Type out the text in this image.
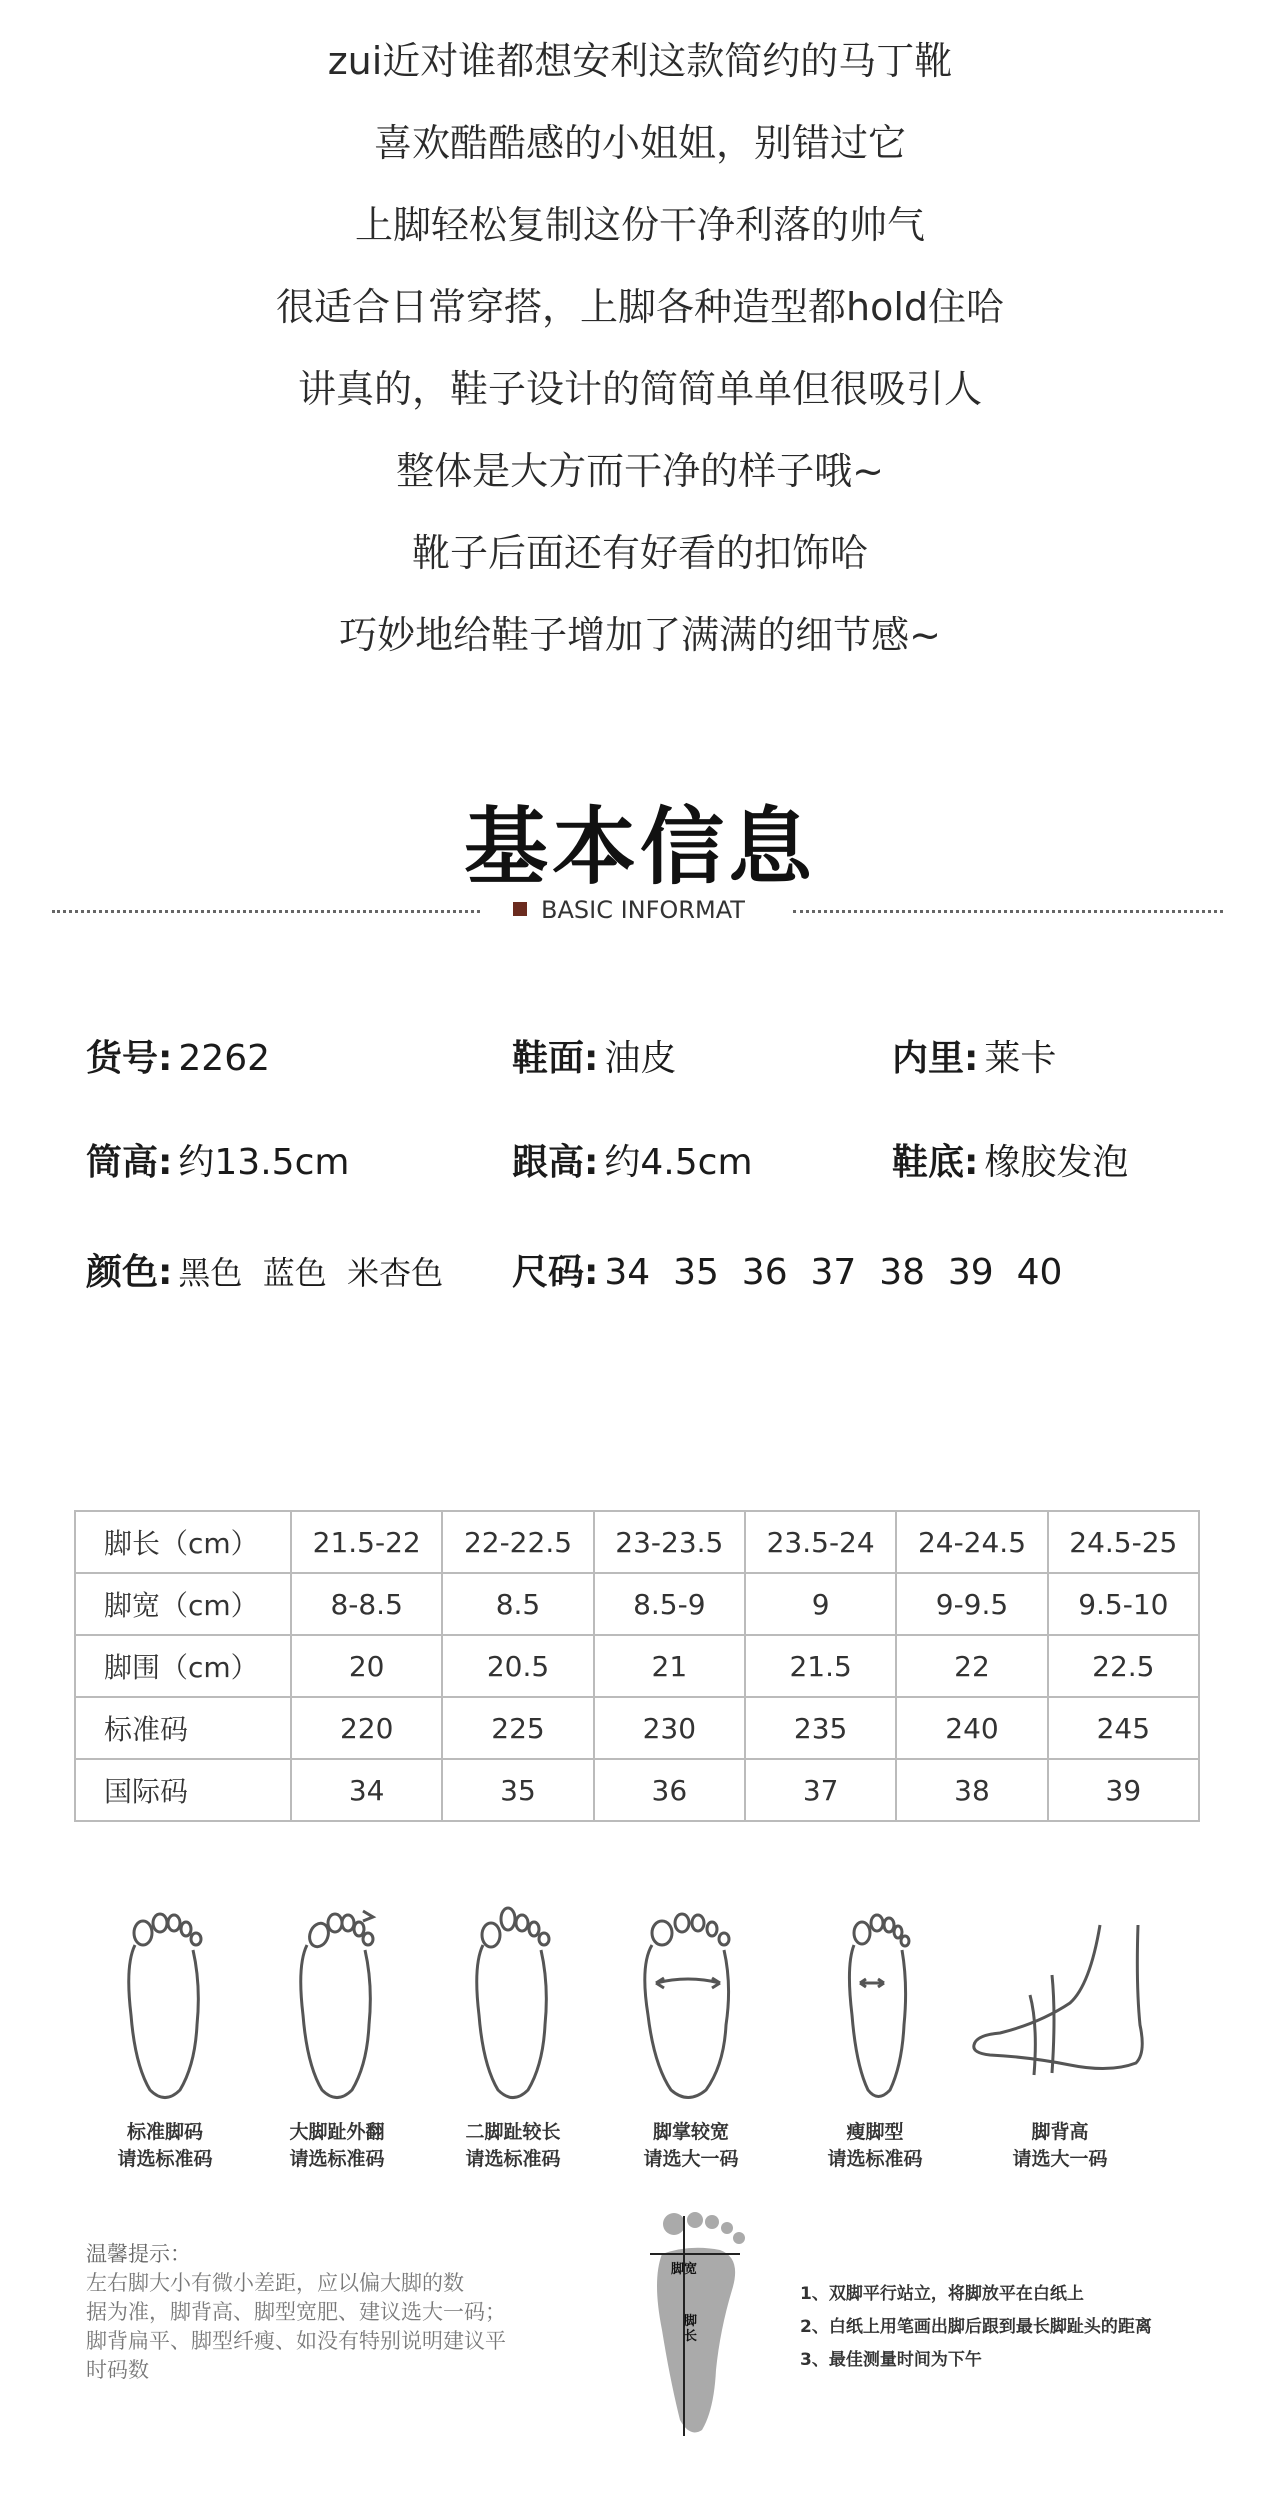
zui近对谁都想安利这款简约的马丁靴
喜欢酷酷感的小姐姐，别错过它
上脚轻松复制这份干净利落的帅气
很适合日常穿搭，上脚各种造型都hold住哈
讲真的，鞋子设计的简简单单但很吸引人
整体是大方而干净的样子哦~
靴子后面还有好看的扣饰哈
巧妙地给鞋子增加了满满的细节感~
基本信息
BASIC INFORMAT
货号: 2262	鞋面: 油皮	内里: 莱卡
筒高: 约13.5cm	跟高: 约4.5cm	鞋底: 橡胶发泡
颜色: 黑色  蓝色  米杏色 尺码: 34  35  36  37  38  39  40
脚长（cm）	21.5-22	22-22.5	23-23.5	23.5-24	24-24.5	24.5-25
脚宽（cm）	8-8.5	8.5	8.5-9	9	9-9.5	9.5-10
脚围（cm）	20	20.5	21	21.5	22	22.5
标准码	220	225	230	235	240	245
国际码	34	35	36	37	38	39
标准脚码
请选标准码
大脚趾外翻
请选标准码
二脚趾较长
请选标准码
脚掌较宽
请选大一码
瘦脚型
请选标准码
脚背高
请选大一码
温馨提示：
左右脚大小有微小差距，应以偏大脚的数
据为准，脚背高、脚型宽肥、建议选大一码；
脚背扁平、脚型纤瘦、如没有特别说明建议平
时码数
脚宽
脚长
1、双脚平行站立，将脚放平在白纸上
2、白纸上用笔画出脚后跟到最长脚趾头的距离
3、最佳测量时间为下午
